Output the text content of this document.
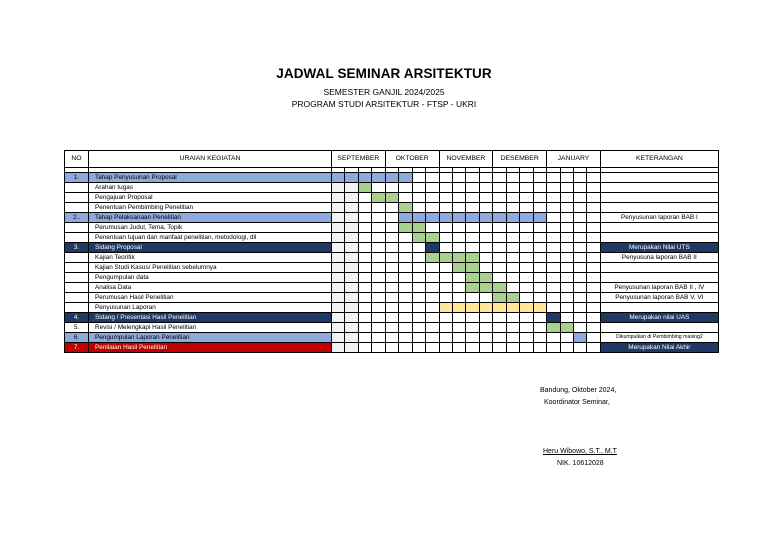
JADWAL SEMINAR ARSITEKTUR
SEMESTER GANJIL 2024/2025
PROGRAM STUDI ARSITEKTUR - FTSP - UKRI
NO	URAIAN KEGIATAN	SEPTEMBER				OKTOBER				NOVEMBER				DESEMBER				JANUARY				KETERANGAN

1.	Tahap Penyusunan Proposal																					
	Arahan tugas																					
	Pengajuan Proposal																					
	Penentuan Pembimbing Penelitian																					
2..	Tahap Pelaksanaan Penelitian																					Penyusunan laporan BAB I
	Perumusan Judul, Tema, Topik																					
	Penentuan tujuan dan manfaat penelitian, metodologi, dll																					
3.	Sidang Proposal																					Merupakan Nilai UTS
	Kajian Teoritik																					Penyusuna laporan BAB II
	Kajian Studi Kasus/ Penelitian sebelumnya																					
	Pengumpulan data																					
	Analisa Data																					Penyusunan laporan BAB II , IV
	Perumusan Hasil Penelitian																					Penyusunan laporan BAB V, VI
	Penyusunan Laporan																					
4.	Sidang / Presentasi Hasil Penelitian																					Merupakan nilai UAS
5.	Revisi / Melengkapi Hasil Penelitian																					
6.	Pengumpulan Laporan Penelitian																					Dikumpulkan di Pembimbing masing2
7.	Penilaian Hasil Penelitian																					Merupakan Nilai Akhir
Bandung, Oktober 2024,
Koordinator Seminar,
Heru Wibowo, S.T., M.T
NIK. 10612028
